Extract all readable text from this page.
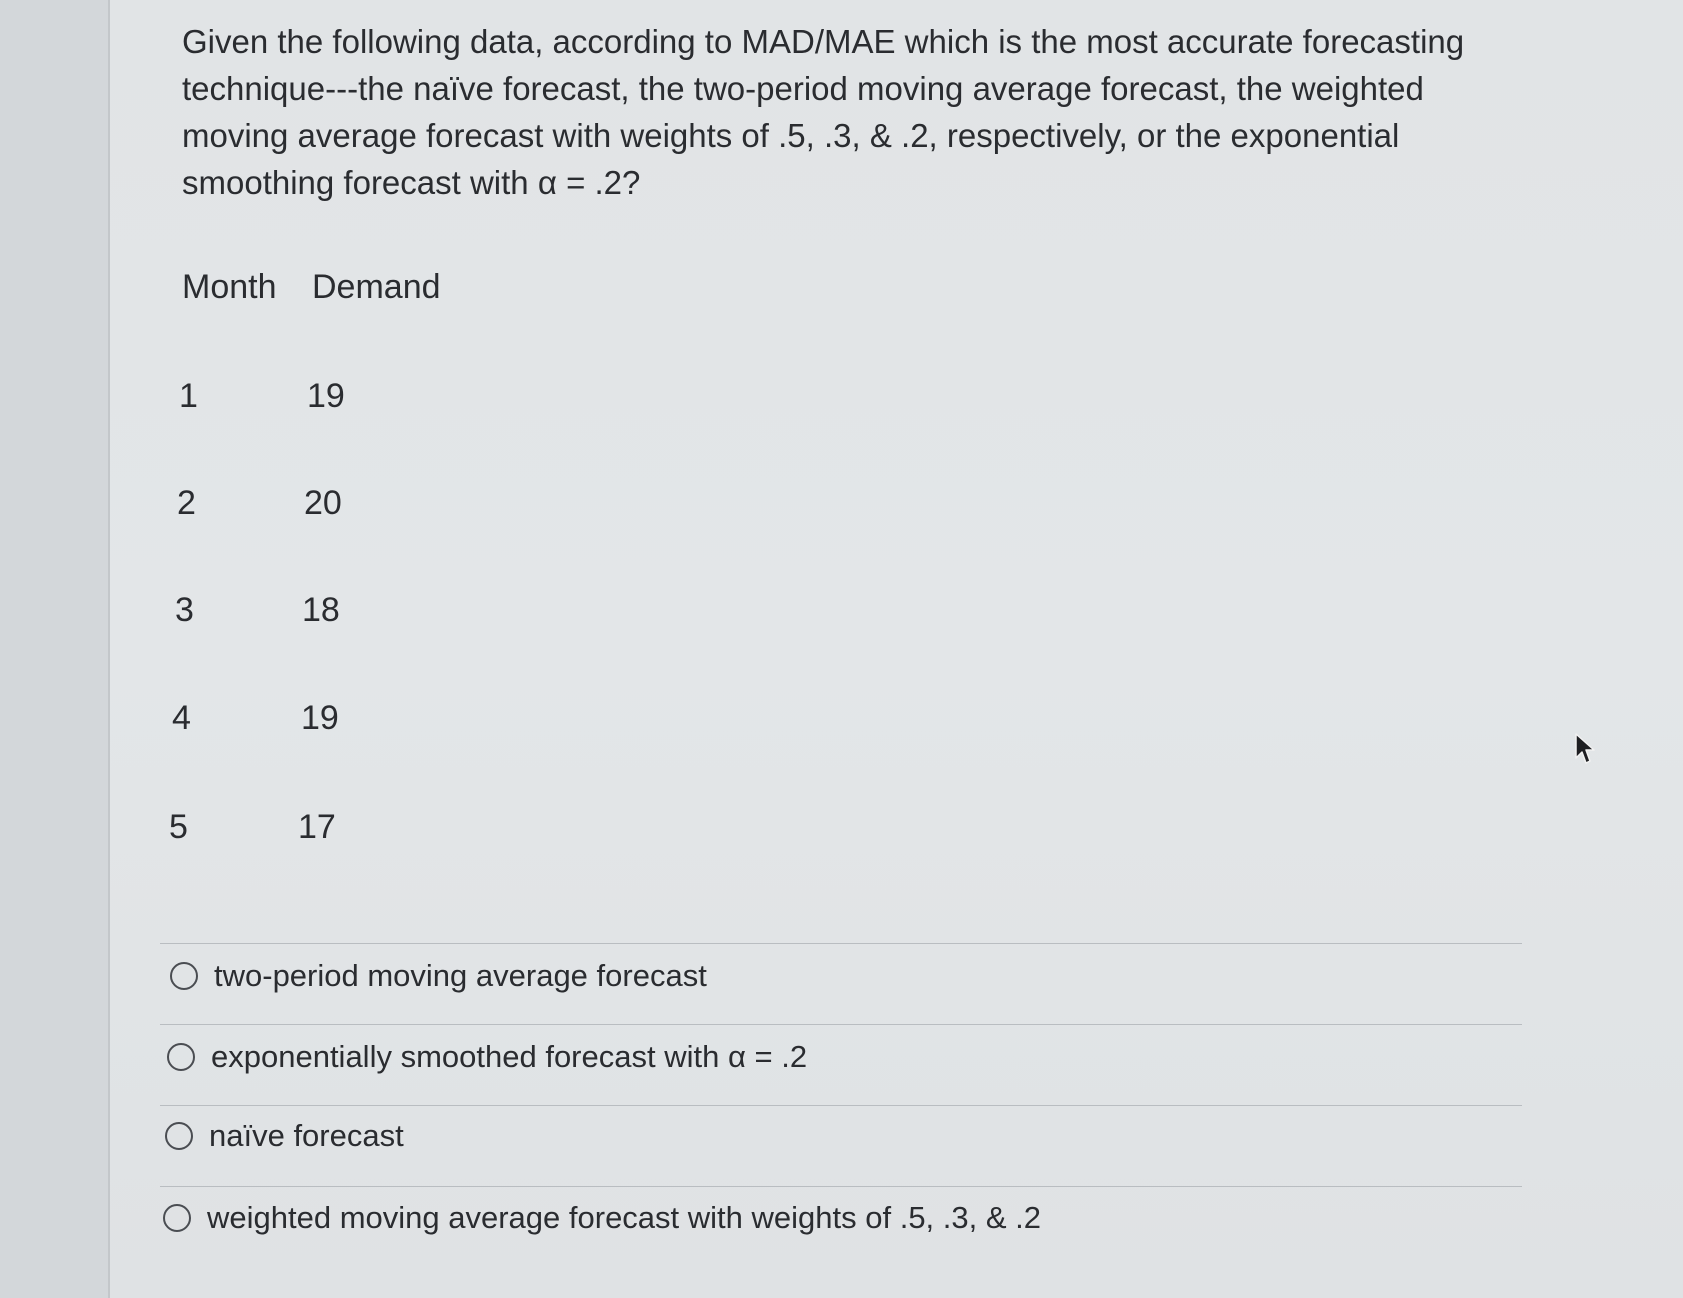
Given the following data, according to MAD/MAE which is the most accurate forecasting
technique---the naïve forecast, the two-period moving average forecast, the weighted
moving average forecast with weights of .5, .3, & .2, respectively, or the exponential
smoothing forecast with α = .2?
Month Demand
1	19
2	20
3	18
4	19
5	17
two-period moving average forecast
exponentially smoothed forecast with α = .2
naïve forecast
weighted moving average forecast with weights of .5, .3, & .2
